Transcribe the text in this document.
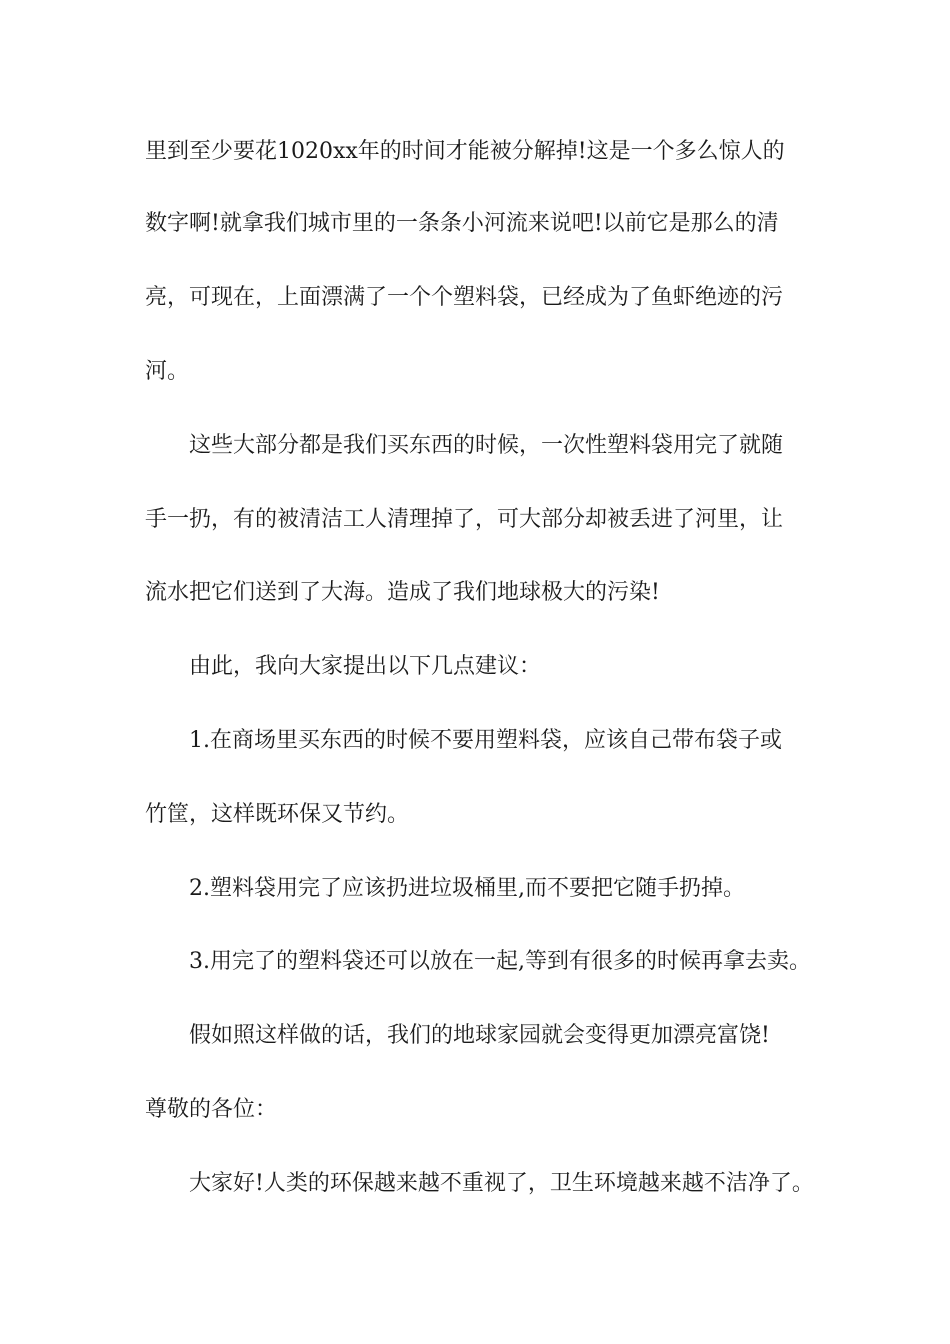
里到至少要花1020xx年的时间才能被分解掉!这是一个多么惊人的
数字啊!就拿我们城市里的一条条小河流来说吧!以前它是那么的清
亮，可现在，上面漂满了一个个塑料袋，已经成为了鱼虾绝迹的污
河。
这些大部分都是我们买东西的时候，一次性塑料袋用完了就随
手一扔，有的被清洁工人清理掉了，可大部分却被丢进了河里，让
流水把它们送到了大海。造成了我们地球极大的污染!
由此，我向大家提出以下几点建议：
1.在商场里买东西的时候不要用塑料袋，应该自己带布袋子或
竹筐，这样既环保又节约。
2.塑料袋用完了应该扔进垃圾桶里,而不要把它随手扔掉。
3.用完了的塑料袋还可以放在一起,等到有很多的时候再拿去卖。
假如照这样做的话，我们的地球家园就会变得更加漂亮富饶!
尊敬的各位：
大家好!人类的环保越来越不重视了，卫生环境越来越不洁净了。
